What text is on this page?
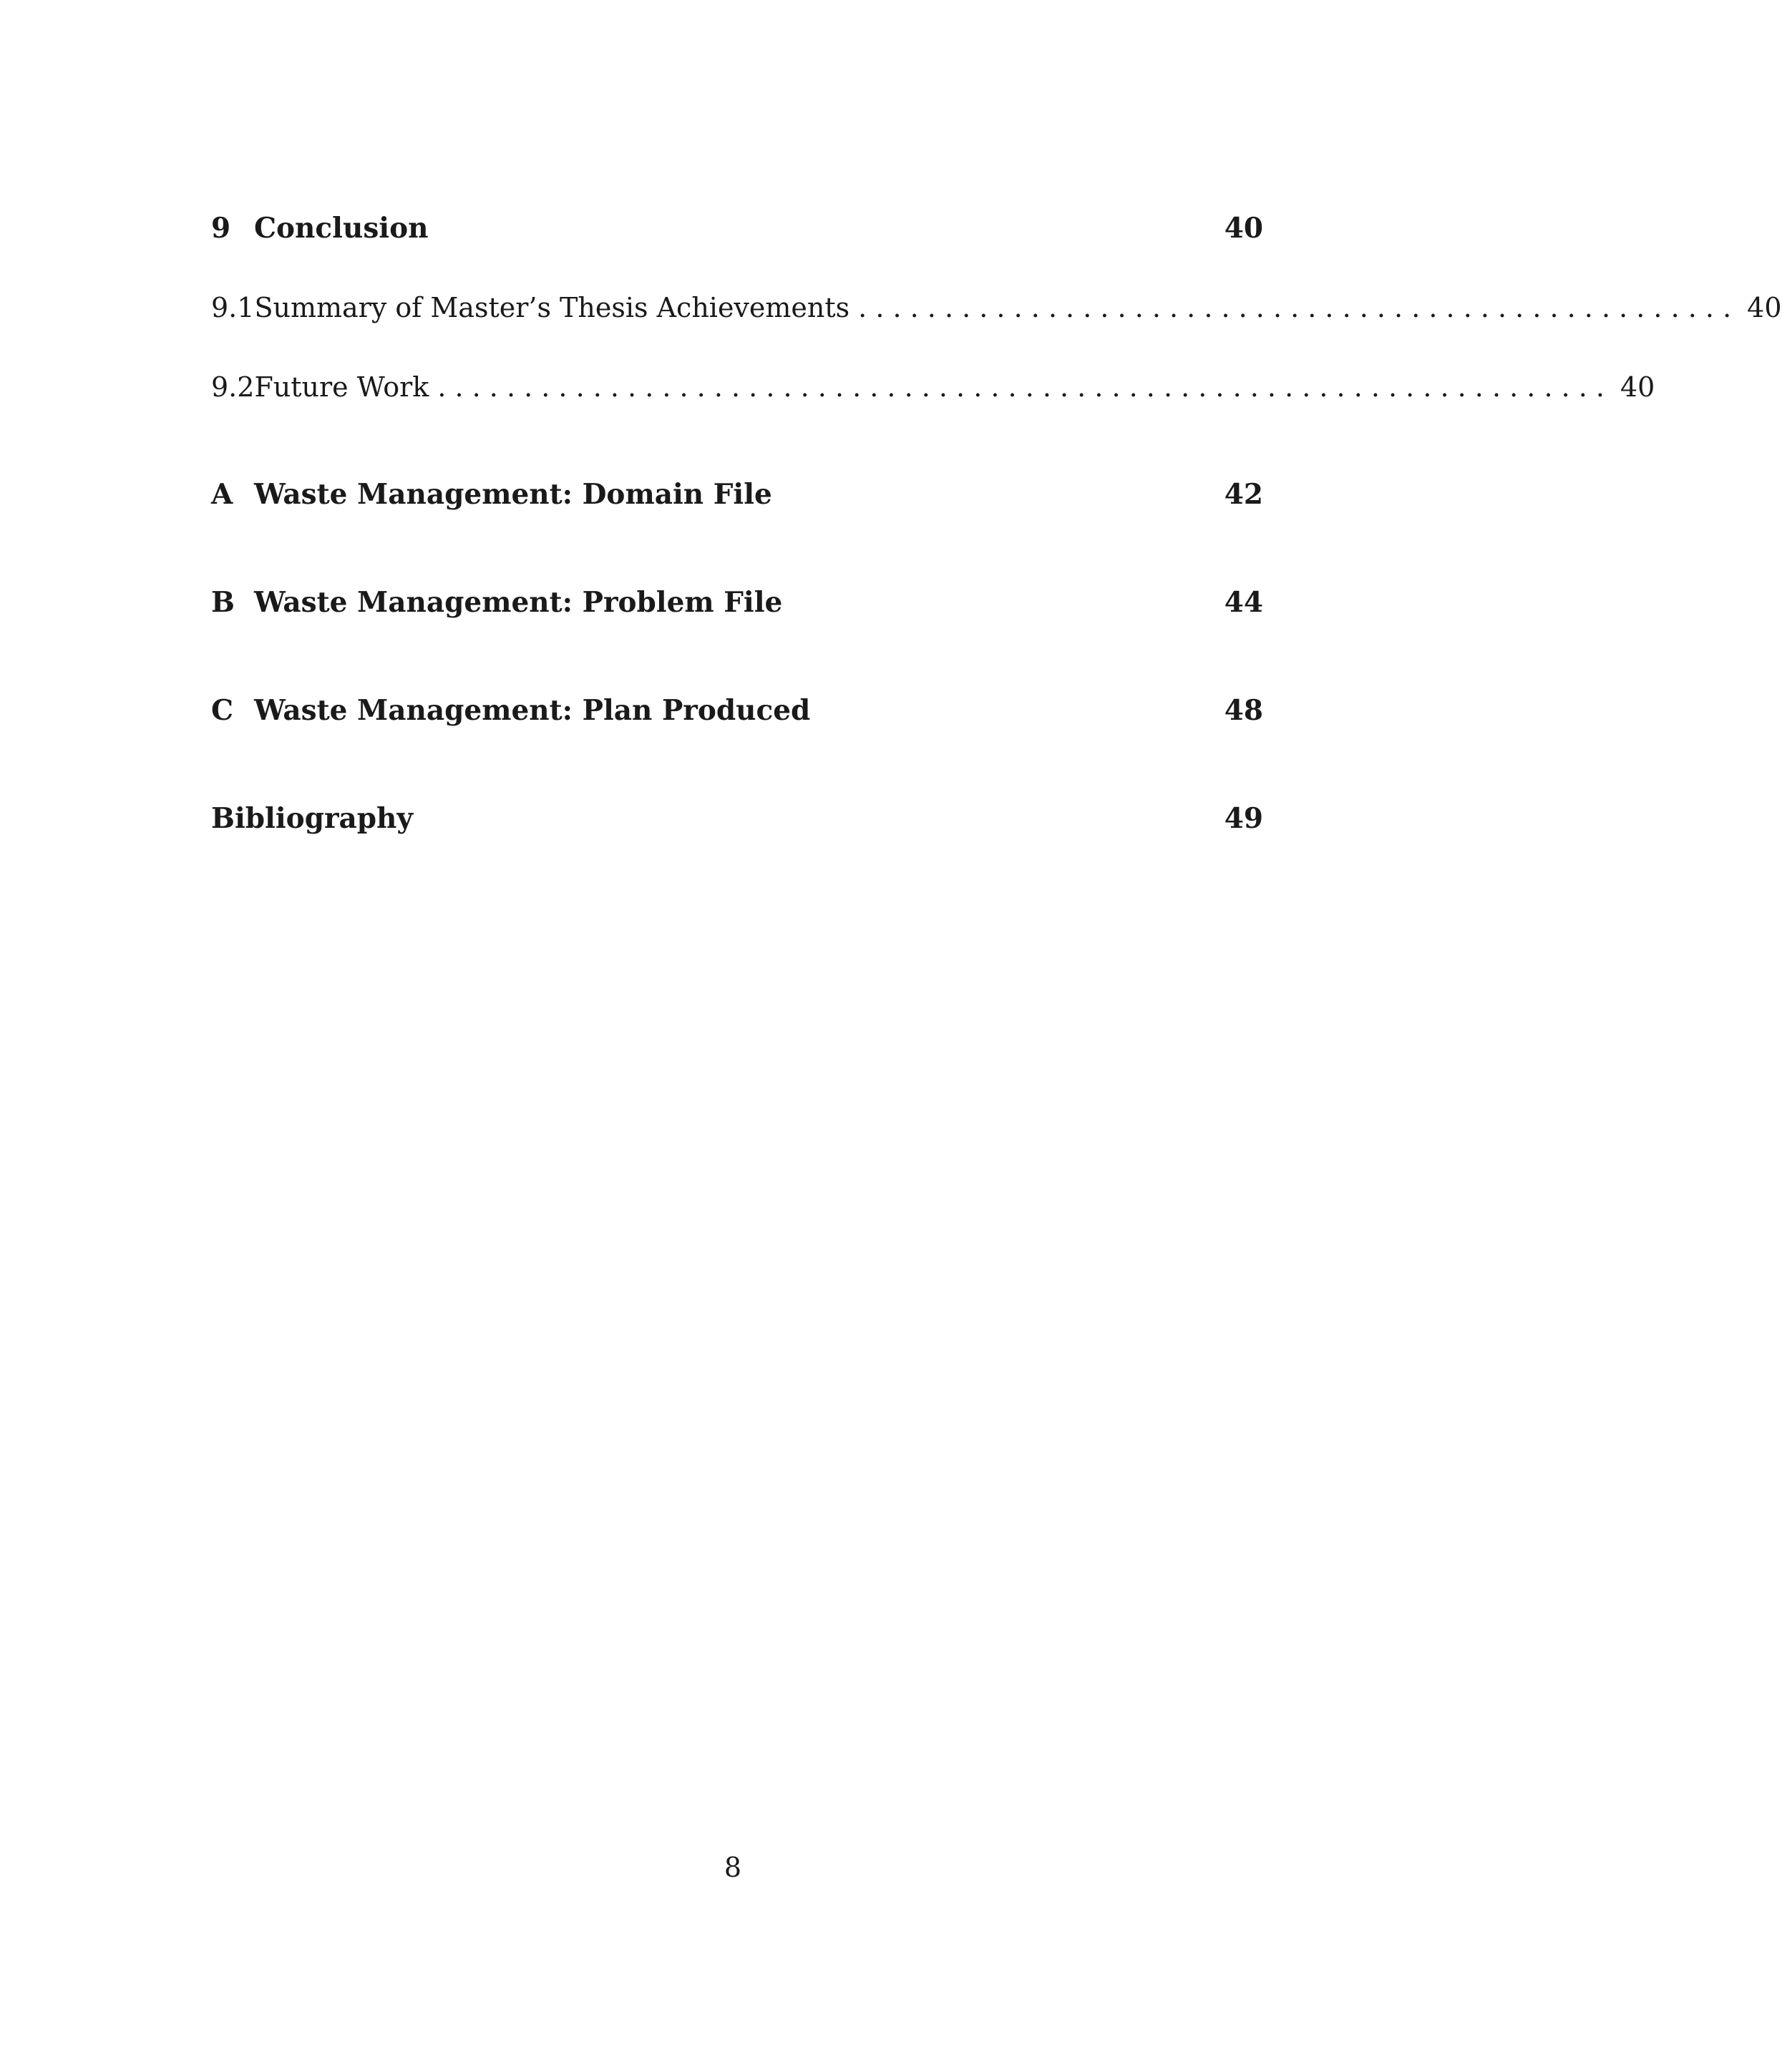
9 Conclusion	40
9.1 Summary of Master’s Thesis Achievements . . . . . . . . . . . . . . . . . . . . . . . . . . . . . . . . . . . . . . . . . . . . . . . . . . . 40
9.2 Future Work . . . . . . . . . . . . . . . . . . . . . . . . . . . . . . . . . . . . . . . . . . . . . . . . . . . . . . . . . . . . . . . . . . . . 40
A Waste Management: Domain File	42
B Waste Management: Problem File	44
C Waste Management: Plan Produced	48
Bibliography	49
8
